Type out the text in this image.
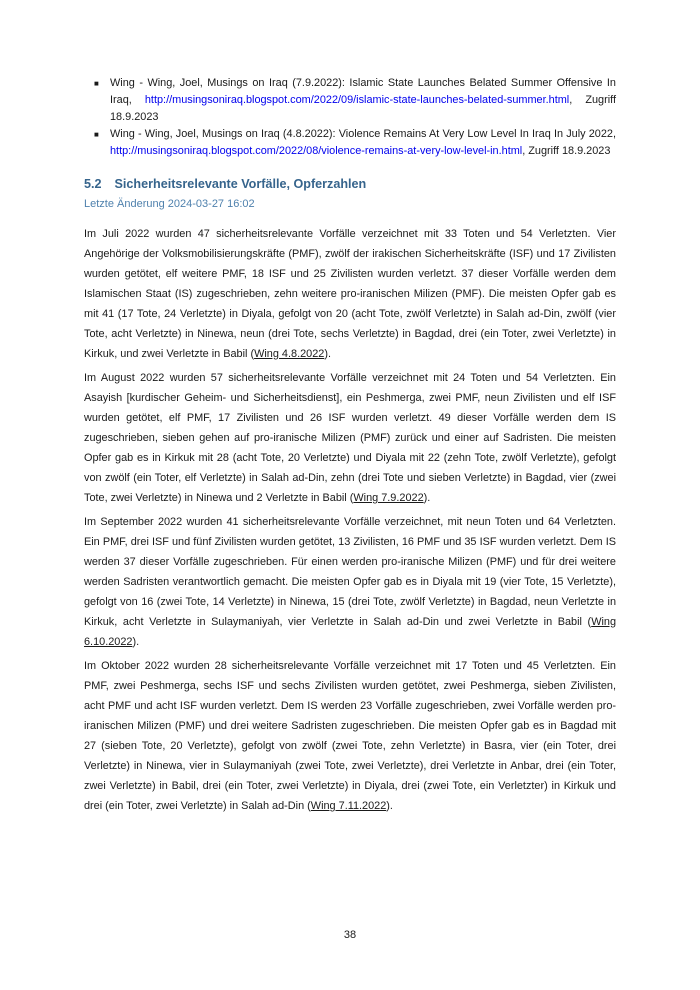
■	Wing - Wing, Joel, Musings on Iraq (7.9.2022): Islamic State Launches Belated Summer Offensive In Iraq, http://musingsoniraq.blogspot.com/2022/09/islamic-state-launches-belated-summer.html, Zugriff 18.9.2023
■	Wing - Wing, Joel, Musings on Iraq (4.8.2022): Violence Remains At Very Low Level In Iraq In July 2022, http://musingsoniraq.blogspot.com/2022/08/violence-remains-at-very-low-level-in.html, Zugriff 18.9.2023
5.2 Sicherheitsrelevante Vorfälle, Opferzahlen
Letzte Änderung 2024-03-27 16:02

Im Juli 2022 wurden 47 sicherheitsrelevante Vorfälle verzeichnet mit 33 Toten und 54 Verletzten. Vier Angehörige der Volksmobilisierungskräfte (PMF), zwölf der irakischen Sicherheitskräfte (ISF) und 17 Zivilisten wurden getötet, elf weitere PMF, 18 ISF und 25 Zivilisten wurden verletzt. 37 dieser Vorfälle werden dem Islamischen Staat (IS) zugeschrieben, zehn weitere pro-iranischen Milizen (PMF). Die meisten Opfer gab es mit 41 (17 Tote, 24 Verletzte) in Diyala, gefolgt von 20 (acht Tote, zwölf Verletzte) in Salah ad-Din, zwölf (vier Tote, acht Verletzte) in Ninewa, neun (drei Tote, sechs Verletzte) in Bagdad, drei (ein Toter, zwei Verletzte) in Kirkuk, und zwei Verletzte in Babil (Wing 4.8.2022).

Im August 2022 wurden 57 sicherheitsrelevante Vorfälle verzeichnet mit 24 Toten und 54 Verletzten. Ein Asayish [kurdischer Geheim- und Sicherheitsdienst], ein Peshmerga, zwei PMF, neun Zivilisten und elf ISF wurden getötet, elf PMF, 17 Zivilisten und 26 ISF wurden verletzt. 49 dieser Vorfälle werden dem IS zugeschrieben, sieben gehen auf pro-iranische Milizen (PMF) zurück und einer auf Sadristen. Die meisten Opfer gab es in Kirkuk mit 28 (acht Tote, 20 Verletzte) und Diyala mit 22 (zehn Tote, zwölf Verletzte), gefolgt von zwölf (ein Toter, elf Verletzte) in Salah ad-Din, zehn (drei Tote und sieben Verletzte) in Bagdad, vier (zwei Tote, zwei Verletzte) in Ninewa und 2 Verletzte in Babil (Wing 7.9.2022).

Im September 2022 wurden 41 sicherheitsrelevante Vorfälle verzeichnet, mit neun Toten und 64 Verletzten. Ein PMF, drei ISF und fünf Zivilisten wurden getötet, 13 Zivilisten, 16 PMF und 35 ISF wurden verletzt. Dem IS werden 37 dieser Vorfälle zugeschrieben. Für einen werden pro-iranische Milizen (PMF) und für drei weitere werden Sadristen verantwortlich gemacht. Die meisten Opfer gab es in Diyala mit 19 (vier Tote, 15 Verletzte), gefolgt von 16 (zwei Tote, 14 Verletzte) in Ninewa, 15 (drei Tote, zwölf Verletzte) in Bagdad, neun Verletzte in Kirkuk, acht Verletzte in Sulaymaniyah, vier Verletzte in Salah ad-Din und zwei Verletzte in Babil (Wing 6.10.2022).

Im Oktober 2022 wurden 28 sicherheitsrelevante Vorfälle verzeichnet mit 17 Toten und 45 Verletzten. Ein PMF, zwei Peshmerga, sechs ISF und sechs Zivilisten wurden getötet, zwei Peshmerga, sieben Zivilisten, acht PMF und acht ISF wurden verletzt. Dem IS werden 23 Vorfälle zugeschrieben, zwei Vorfälle werden pro-iranischen Milizen (PMF) und drei weitere Sadristen zugeschrieben. Die meisten Opfer gab es in Bagdad mit 27 (sieben Tote, 20 Verletzte), gefolgt von zwölf (zwei Tote, zehn Verletzte) in Basra, vier (ein Toter, drei Verletzte) in Ninewa, vier in Sulaymaniyah (zwei Tote, zwei Verletzte), drei Verletzte in Anbar, drei (ein Toter, zwei Verletzte) in Babil, drei (ein Toter, zwei Verletzte) in Diyala, drei (zwei Tote, ein Verletzter) in Kirkuk und drei (ein Toter, zwei Verletzte) in Salah ad-Din (Wing 7.11.2022).

38
